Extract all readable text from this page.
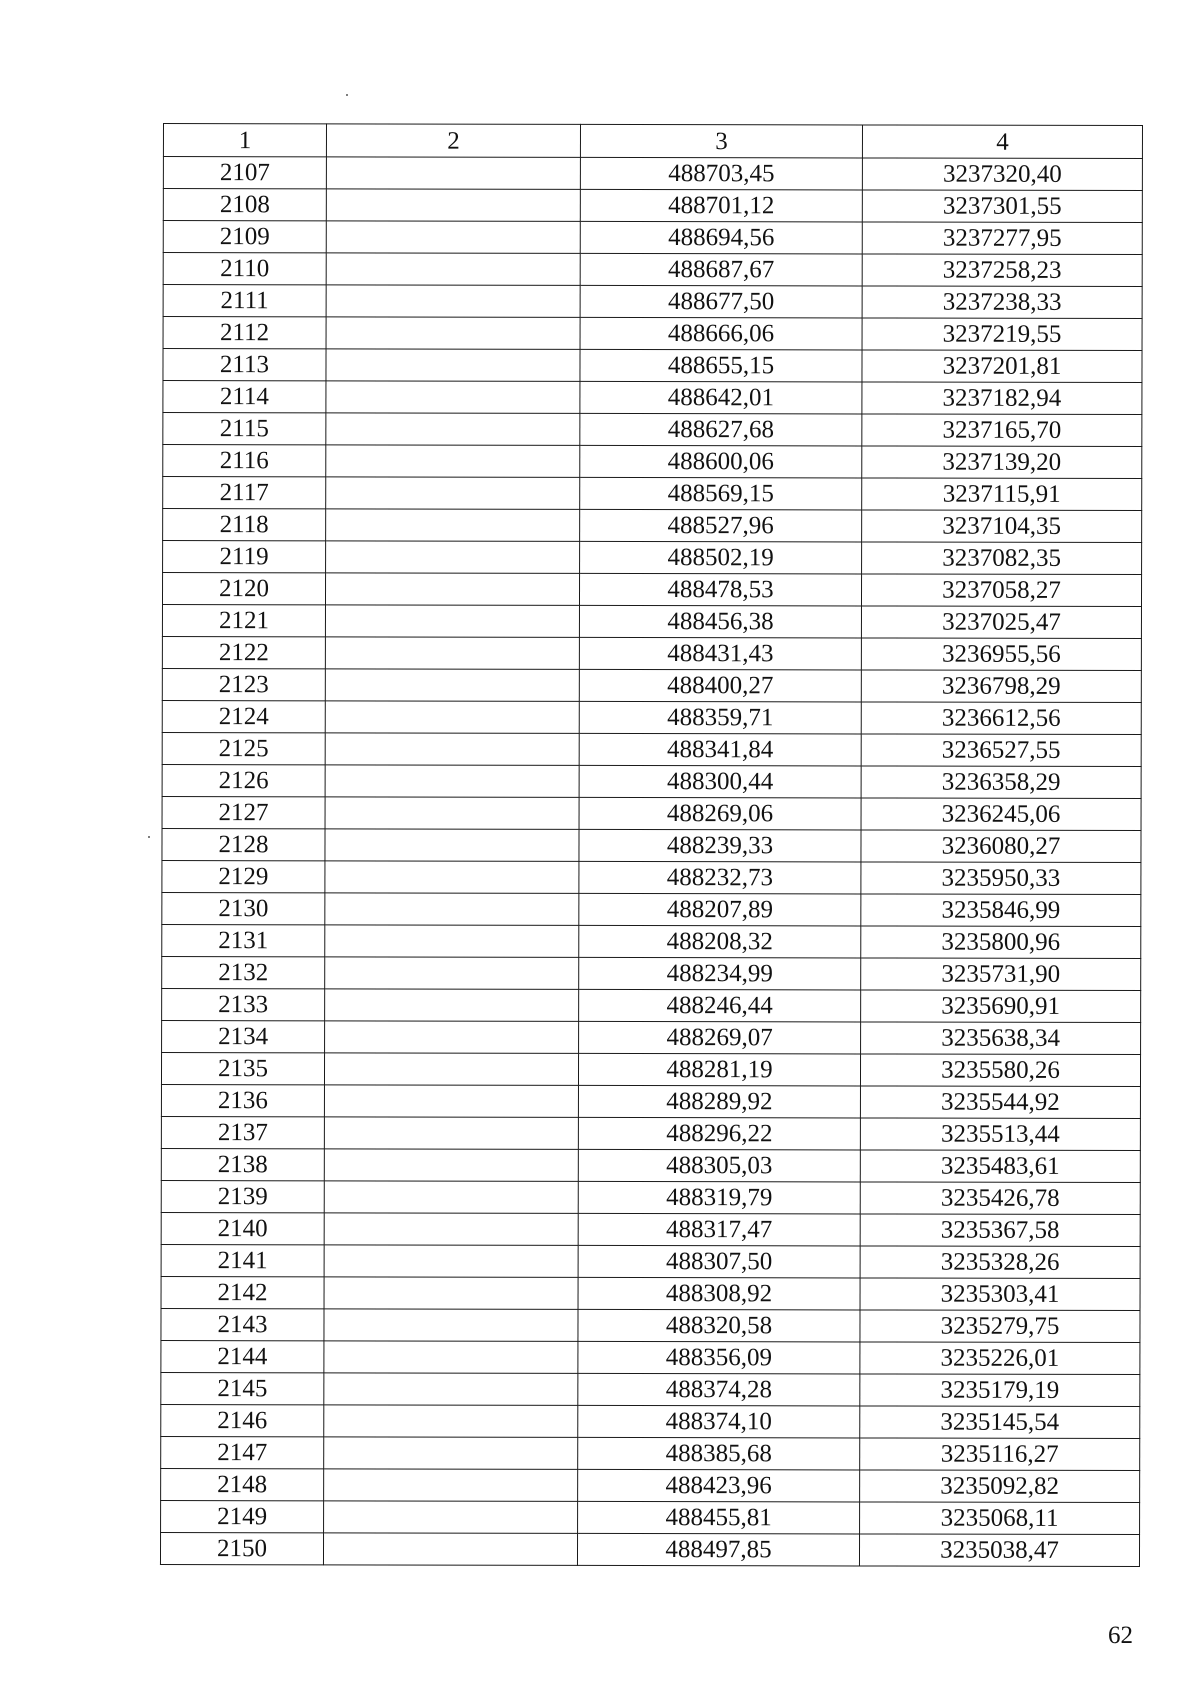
1	2	3	4
2107		488703,45	3237320,40
2108		488701,12	3237301,55
2109		488694,56	3237277,95
2110		488687,67	3237258,23
2111		488677,50	3237238,33
2112		488666,06	3237219,55
2113		488655,15	3237201,81
2114		488642,01	3237182,94
2115		488627,68	3237165,70
2116		488600,06	3237139,20
2117		488569,15	3237115,91
2118		488527,96	3237104,35
2119		488502,19	3237082,35
2120		488478,53	3237058,27
2121		488456,38	3237025,47
2122		488431,43	3236955,56
2123		488400,27	3236798,29
2124		488359,71	3236612,56
2125		488341,84	3236527,55
2126		488300,44	3236358,29
2127		488269,06	3236245,06
2128		488239,33	3236080,27
2129		488232,73	3235950,33
2130		488207,89	3235846,99
2131		488208,32	3235800,96
2132		488234,99	3235731,90
2133		488246,44	3235690,91
2134		488269,07	3235638,34
2135		488281,19	3235580,26
2136		488289,92	3235544,92
2137		488296,22	3235513,44
2138		488305,03	3235483,61
2139		488319,79	3235426,78
2140		488317,47	3235367,58
2141		488307,50	3235328,26
2142		488308,92	3235303,41
2143		488320,58	3235279,75
2144		488356,09	3235226,01
2145		488374,28	3235179,19
2146		488374,10	3235145,54
2147		488385,68	3235116,27
2148		488423,96	3235092,82
2149		488455,81	3235068,11
2150		488497,85	3235038,47
62
